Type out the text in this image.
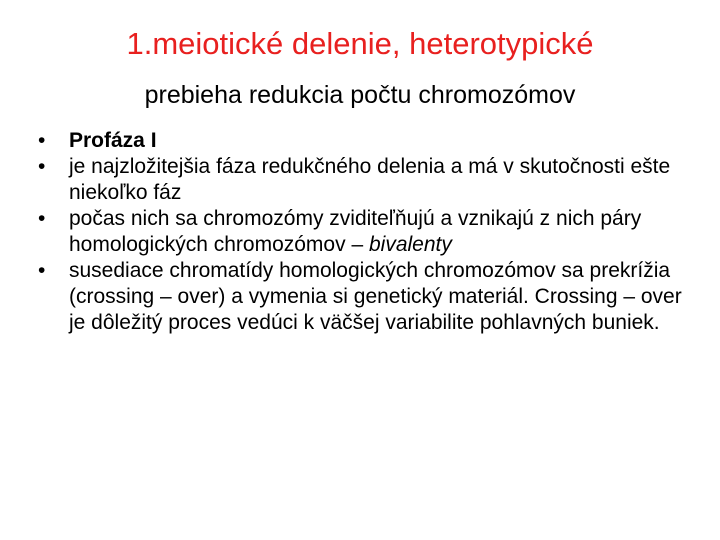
1.meiotické delenie, heterotypické
prebieha redukcia počtu chromozómov
•	Profáza I
•	je najzložitejšia fáza redukčného delenia a má v skutočnosti ešte niekoľko fáz
•	počas nich sa chromozómy zviditeľňujú a vznikajú z nich páry homologických chromozómov – bivalenty
•	susediace chromatídy homologických chromozómov sa prekrížia (crossing – over) a vymenia si genetický materiál. Crossing – over je dôležitý proces vedúci k väčšej variabilite pohlavných buniek.
